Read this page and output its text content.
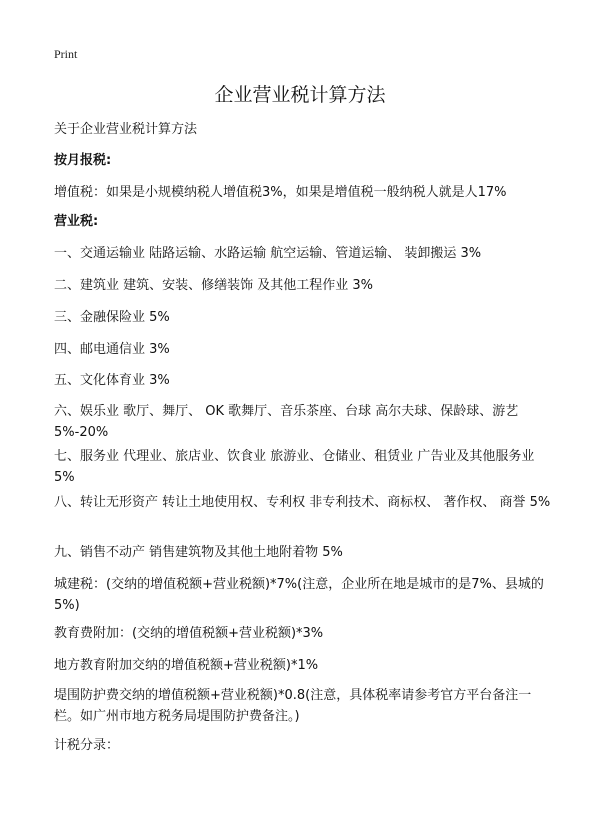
Print
企业营业税计算方法

关于企业营业税计算方法

按月报税:

增值税：如果是小规模纳税人增值税3%，如果是增值税一般纳税人就是人17%

营业税:

一、交通运输业 陆路运输、水路运输 航空运输、管道运输、 装卸搬运 3%

二、建筑业 建筑、安装、修缮装饰 及其他工程作业 3%

三、金融保险业 5%

四、邮电通信业 3%

五、文化体育业 3%

六、娱乐业 歌厅、舞厅、 OK 歌舞厅、音乐茶座、台球 高尔夫球、保龄球、游艺 5%-20%

七、服务业 代理业、旅店业、饮食业 旅游业、仓储业、租赁业 广告业及其他服务业 5%

八、转让无形资产 转让土地使用权、专利权 非专利技术、商标权、 著作权、 商誉 5%

九、销售不动产 销售建筑物及其他土地附着物 5%

城建税：(交纳的增值税额+营业税额)*7%(注意，企业所在地是城市的是7%、县城的5%)

教育费附加：(交纳的增值税额+营业税额)*3%

地方教育附加交纳的增值税额+营业税额)*1%

堤围防护费交纳的增值税额+营业税额)*0.8(注意，具体税率请参考官方平台备注一栏。如广州市地方税务局堤围防护费备注。)

计税分录：
